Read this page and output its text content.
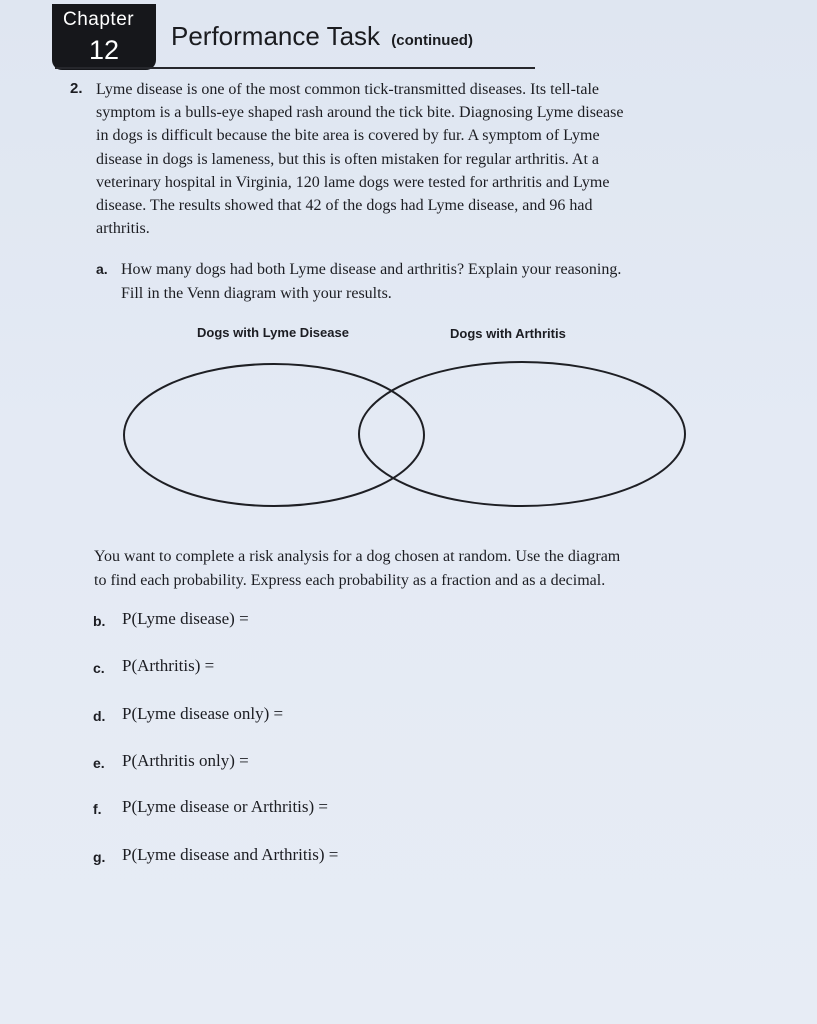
Chapter
12	Performance Task (continued)
2. Lyme disease is one of the most common tick-transmitted diseases. Its tell-tale
symptom is a bulls-eye shaped rash around the tick bite. Diagnosing Lyme disease
in dogs is difficult because the bite area is covered by fur. A symptom of Lyme
disease in dogs is lameness, but this is often mistaken for regular arthritis. At a
veterinary hospital in Virginia, 120 lame dogs were tested for arthritis and Lyme
disease. The results showed that 42 of the dogs had Lyme disease, and 96 had
arthritis.
a. How many dogs had both Lyme disease and arthritis? Explain your reasoning.
Fill in the Venn diagram with your results.
Dogs with Lyme Disease	Dogs with Arthritis
You want to complete a risk analysis for a dog chosen at random. Use the diagram
to find each probability. Express each probability as a fraction and as a decimal.
b. P(Lyme disease) =
c. P(Arthritis) =
d. P(Lyme disease only) =
e. P(Arthritis only) =
f. P(Lyme disease or Arthritis) =
g. P(Lyme disease and Arthritis) =
